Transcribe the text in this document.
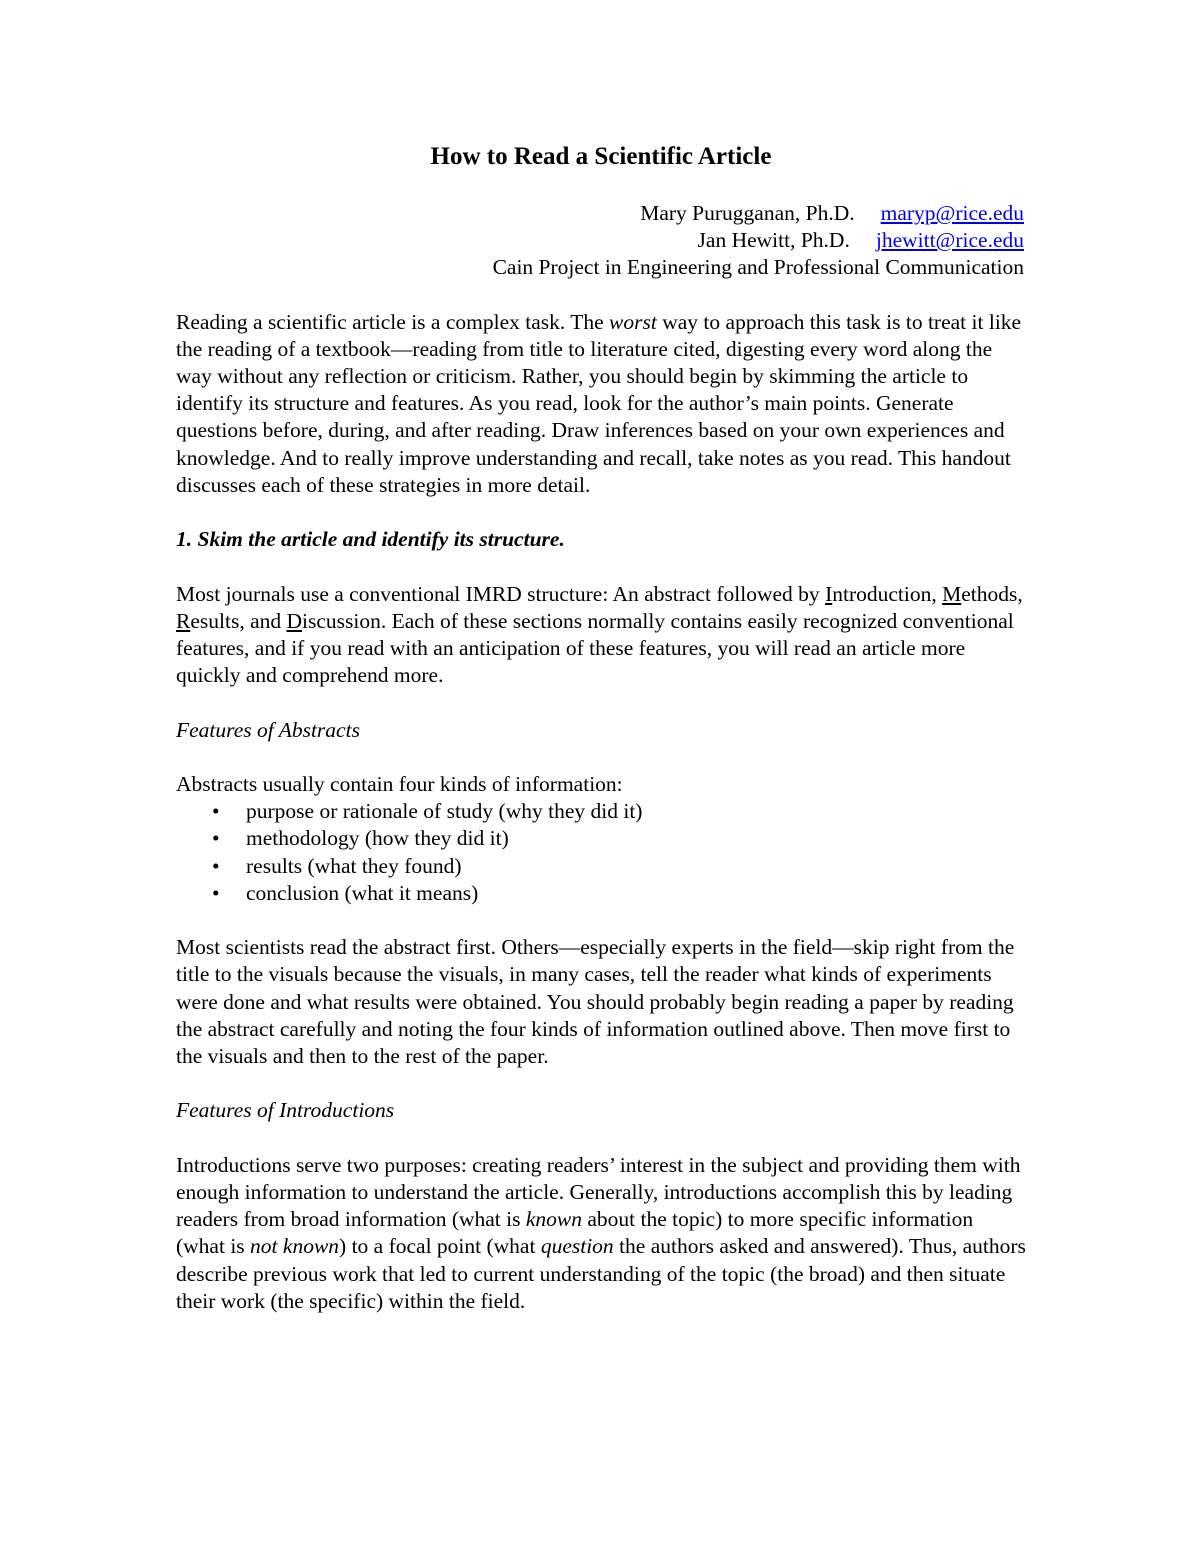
How to Read a Scientific Article
Mary Purugganan, Ph.D. maryp@rice.edu
Jan Hewitt, Ph.D. jhewitt@rice.edu
Cain Project in Engineering and Professional Communication

Reading a scientific article is a complex task. The worst way to approach this task is to treat it like the reading of a textbook—reading from title to literature cited, digesting every word along the way without any reflection or criticism. Rather, you should begin by skimming the article to identify its structure and features. As you read, look for the author’s main points. Generate questions before, during, and after reading. Draw inferences based on your own experiences and knowledge. And to really improve understanding and recall, take notes as you read. This handout discusses each of these strategies in more detail.

1. Skim the article and identify its structure.

Most journals use a conventional IMRD structure: An abstract followed by Introduction, Methods, Results, and Discussion. Each of these sections normally contains easily recognized conventional features, and if you read with an anticipation of these features, you will read an article more quickly and comprehend more.

Features of Abstracts

Abstracts usually contain four kinds of information:

• purpose or rationale of study (why they did it)
• methodology (how they did it)
• results (what they found)
• conclusion (what it means)

Most scientists read the abstract first. Others—especially experts in the field—skip right from the title to the visuals because the visuals, in many cases, tell the reader what kinds of experiments were done and what results were obtained. You should probably begin reading a paper by reading the abstract carefully and noting the four kinds of information outlined above. Then move first to the visuals and then to the rest of the paper.

Features of Introductions

Introductions serve two purposes: creating readers’ interest in the subject and providing them with enough information to understand the article. Generally, introductions accomplish this by leading readers from broad information (what is known about the topic) to more specific information (what is not known) to a focal point (what question the authors asked and answered). Thus, authors describe previous work that led to current understanding of the topic (the broad) and then situate their work (the specific) within the field.
